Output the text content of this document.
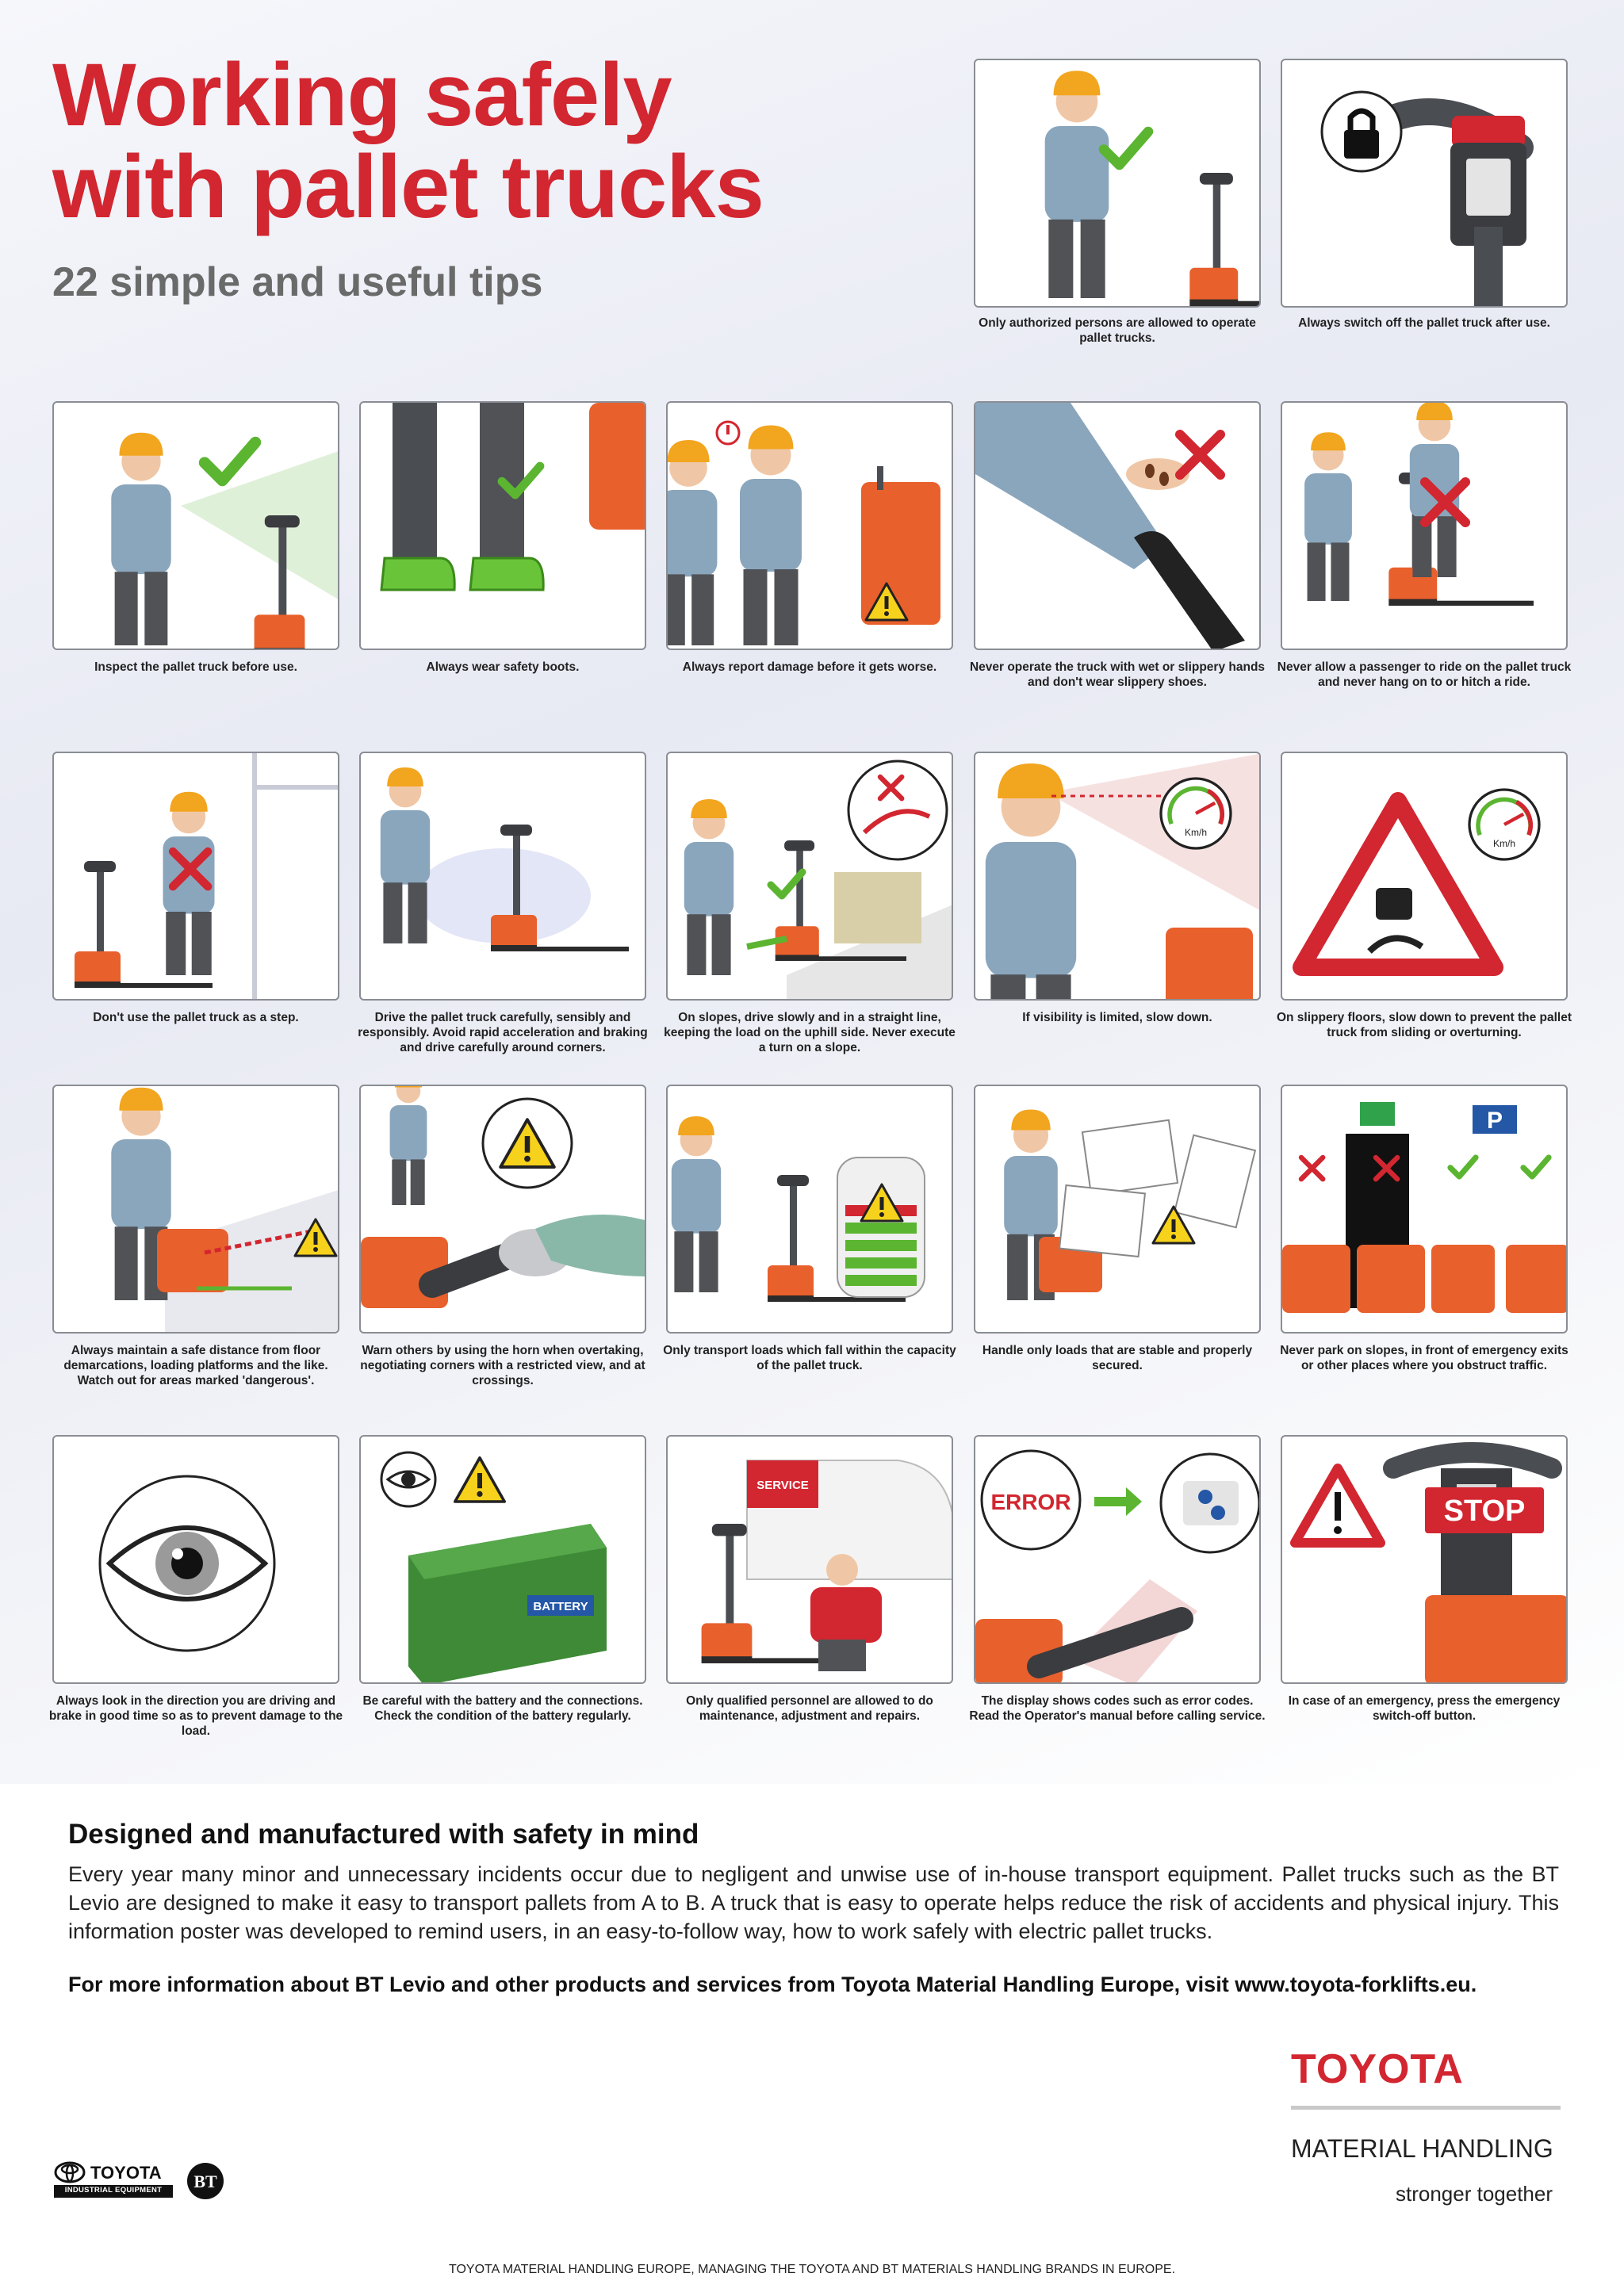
Working safely
with pallet trucks
22 simple and useful tips
Only authorized persons are allowed to operate pallet trucks.
Always switch off the pallet truck after use.
Inspect the pallet truck before use.	Always wear safety boots.	Always report damage before it gets worse.	Never operate the truck with wet or slippery hands and don't wear slippery shoes.
Never allow a passenger to ride on the pallet truck and never hang on to or hitch a ride.
Don't use the pallet truck as a step.	Drive the pallet truck carefully, sensibly and responsibly. Avoid rapid acceleration and braking and drive carefully around corners.
On slopes, drive slowly and in a straight line, keeping the load on the uphill side. Never execute a turn on a slope.
Km/h
If visibility is limited, slow down.
Km/h
On slippery floors, slow down to prevent the pallet truck from sliding or overturning.
Always maintain a safe distance from floor demarcations, loading platforms and the like. Watch out for areas marked 'dangerous'.
Warn others by using the horn when overtaking, negotiating corners with a restricted view, and at crossings.
Only transport loads which fall within the capacity of the pallet truck.
Handle only loads that are stable and properly secured.
P
Never park on slopes, in front of emergency exits or other places where you obstruct traffic.
Always look in the direction you are driving and brake in good time so as to prevent damage to the load.
BATTERY
Be careful with the battery and the connections. Check the condition of the battery regularly.
SERVICE
Only qualified personnel are allowed to do maintenance, adjustment and repairs.
ERROR
The display shows codes such as error codes. Read the Operator's manual before calling service.
STOP
In case of an emergency, press the emergency switch-off button.
Designed and manufactured with safety in mind
Every year many minor and unnecessary incidents occur due to negligent and unwise use of in-house transport equipment. Pallet trucks such as the BT Levio are designed to make it easy to transport pallets from A to B. A truck that is easy to operate helps reduce the risk of accidents and physical injury. This information poster was developed to remind users, in an easy-to-follow way, how to work safely with electric pallet trucks.
For more information about BT Levio and other products and services from Toyota Material Handling Europe, visit www.toyota-forklifts.eu.
TOYOTA
MATERIAL HANDLING
stronger together
TOYOTA
INDUSTRIAL EQUIPMENT	BT
TOYOTA MATERIAL HANDLING EUROPE, MANAGING THE TOYOTA AND BT MATERIALS HANDLING BRANDS IN EUROPE.
